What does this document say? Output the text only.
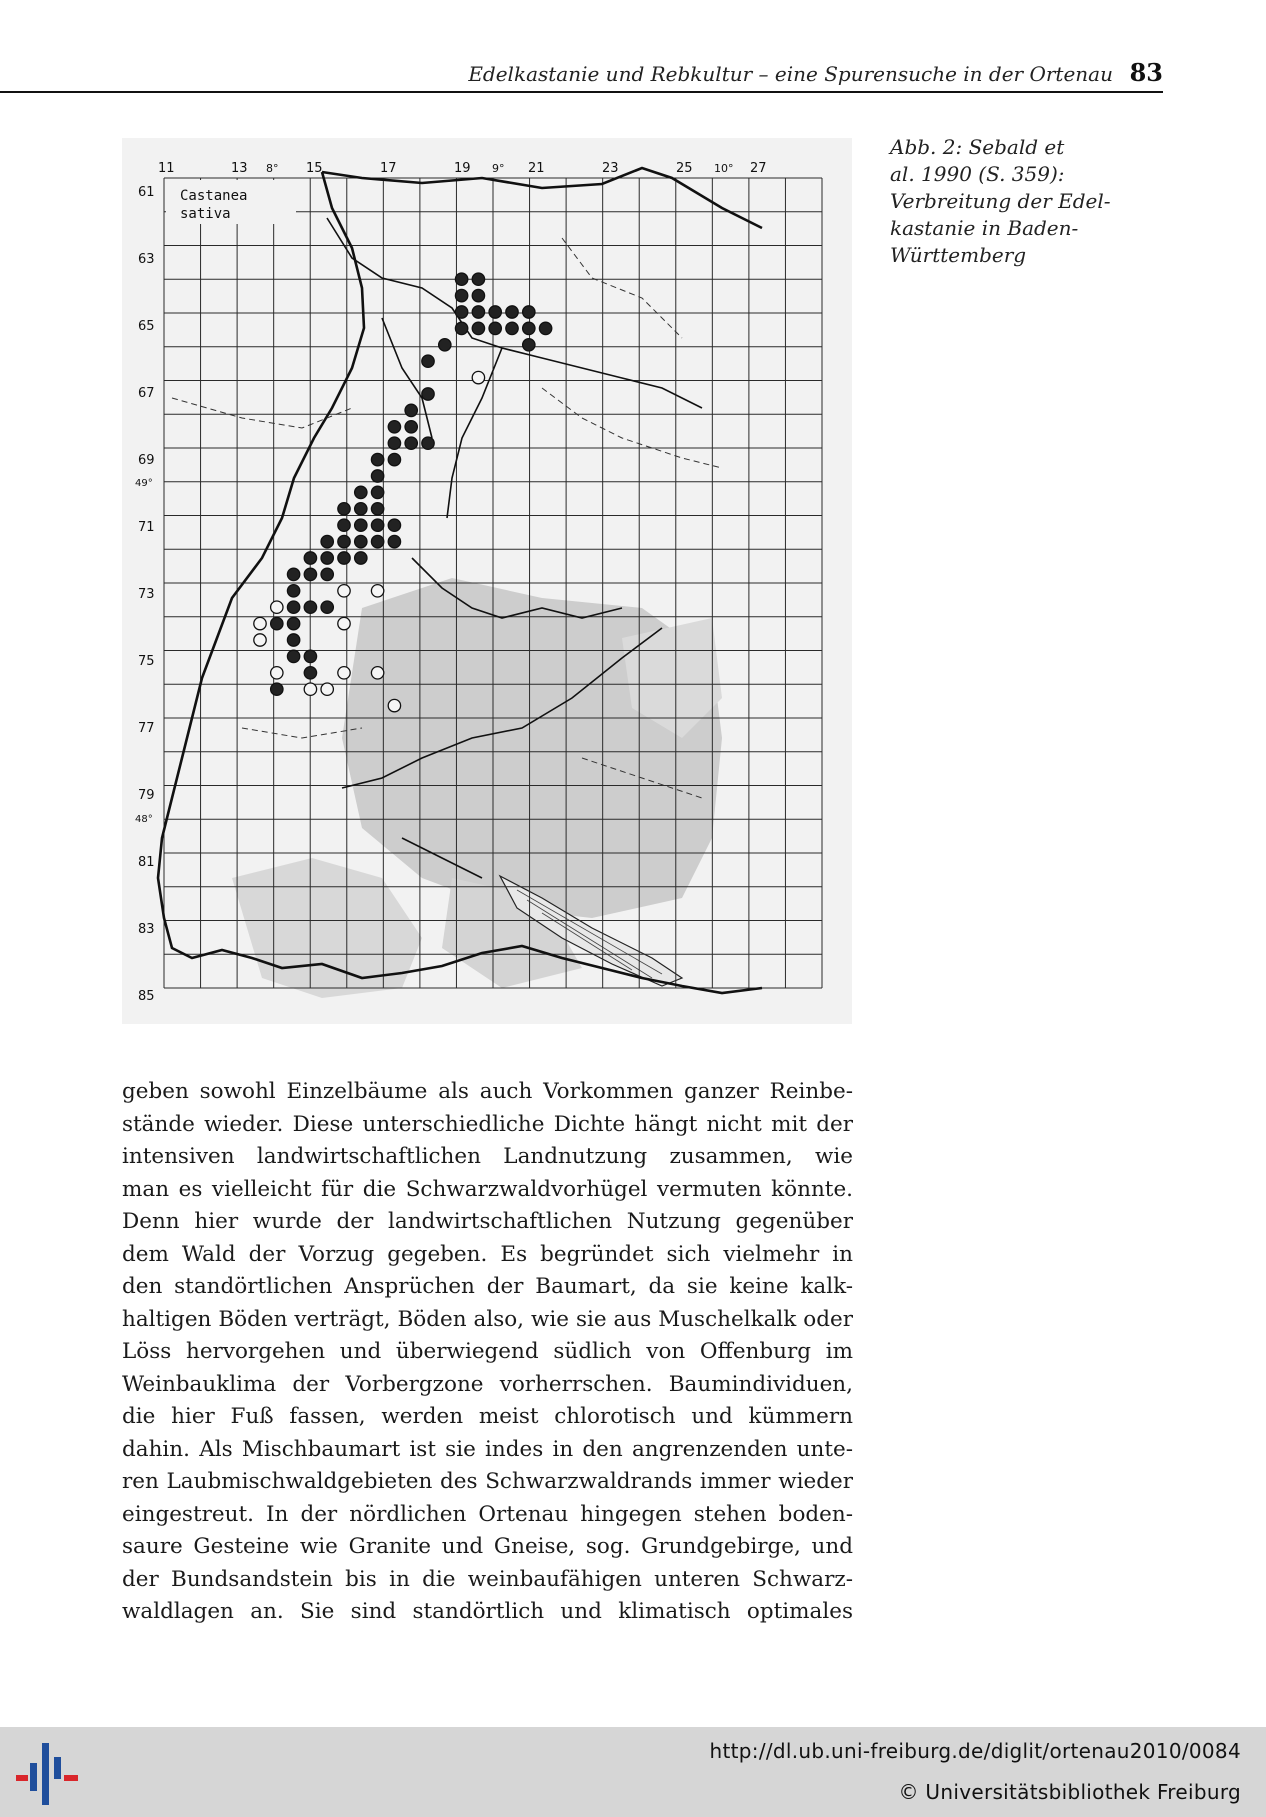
Edelkastanie und Rebkultur – eine Spurensuche in der Ortenau 83
11	13 8° 15	17	19 9° 21	23	25 10° 27
61
63
65
67
69
49°
71
73
75
77
79
48°
81
83
85
Castanea
sativa
Abb. 2: Sebald et
al. 1990 (S. 359):
Verbreitung der Edel-
kastanie in Baden-
Württemberg
geben sowohl Einzelbäume als auch Vorkommen ganzer Reinbe-
stände wieder. Diese unterschiedliche Dichte hängt nicht mit der
intensiven landwirtschaftlichen Landnutzung zusammen, wie
man es vielleicht für die Schwarzwaldvorhügel vermuten könnte.
Denn hier wurde der landwirtschaftlichen Nutzung gegenüber
dem Wald der Vorzug gegeben. Es begründet sich vielmehr in
den standörtlichen Ansprüchen der Baumart, da sie keine kalk-
haltigen Böden verträgt, Böden also, wie sie aus Muschelkalk oder
Löss hervorgehen und überwiegend südlich von Offenburg im
Weinbauklima der Vorbergzone vorherrschen. Baumindividuen,
die hier Fuß fassen, werden meist chlorotisch und kümmern
dahin. Als Mischbaumart ist sie indes in den angrenzenden unte-
ren Laubmischwaldgebieten des Schwarzwaldrands immer wieder
eingestreut. In der nördlichen Ortenau hingegen stehen boden-
saure Gesteine wie Granite und Gneise, sog. Grundgebirge, und
der Bundsandstein bis in die weinbaufähigen unteren Schwarz-
waldlagen an. Sie sind standörtlich und klimatisch optimales
http://dl.ub.uni-freiburg.de/diglit/ortenau2010/0084
© Universitätsbibliothek Freiburg
